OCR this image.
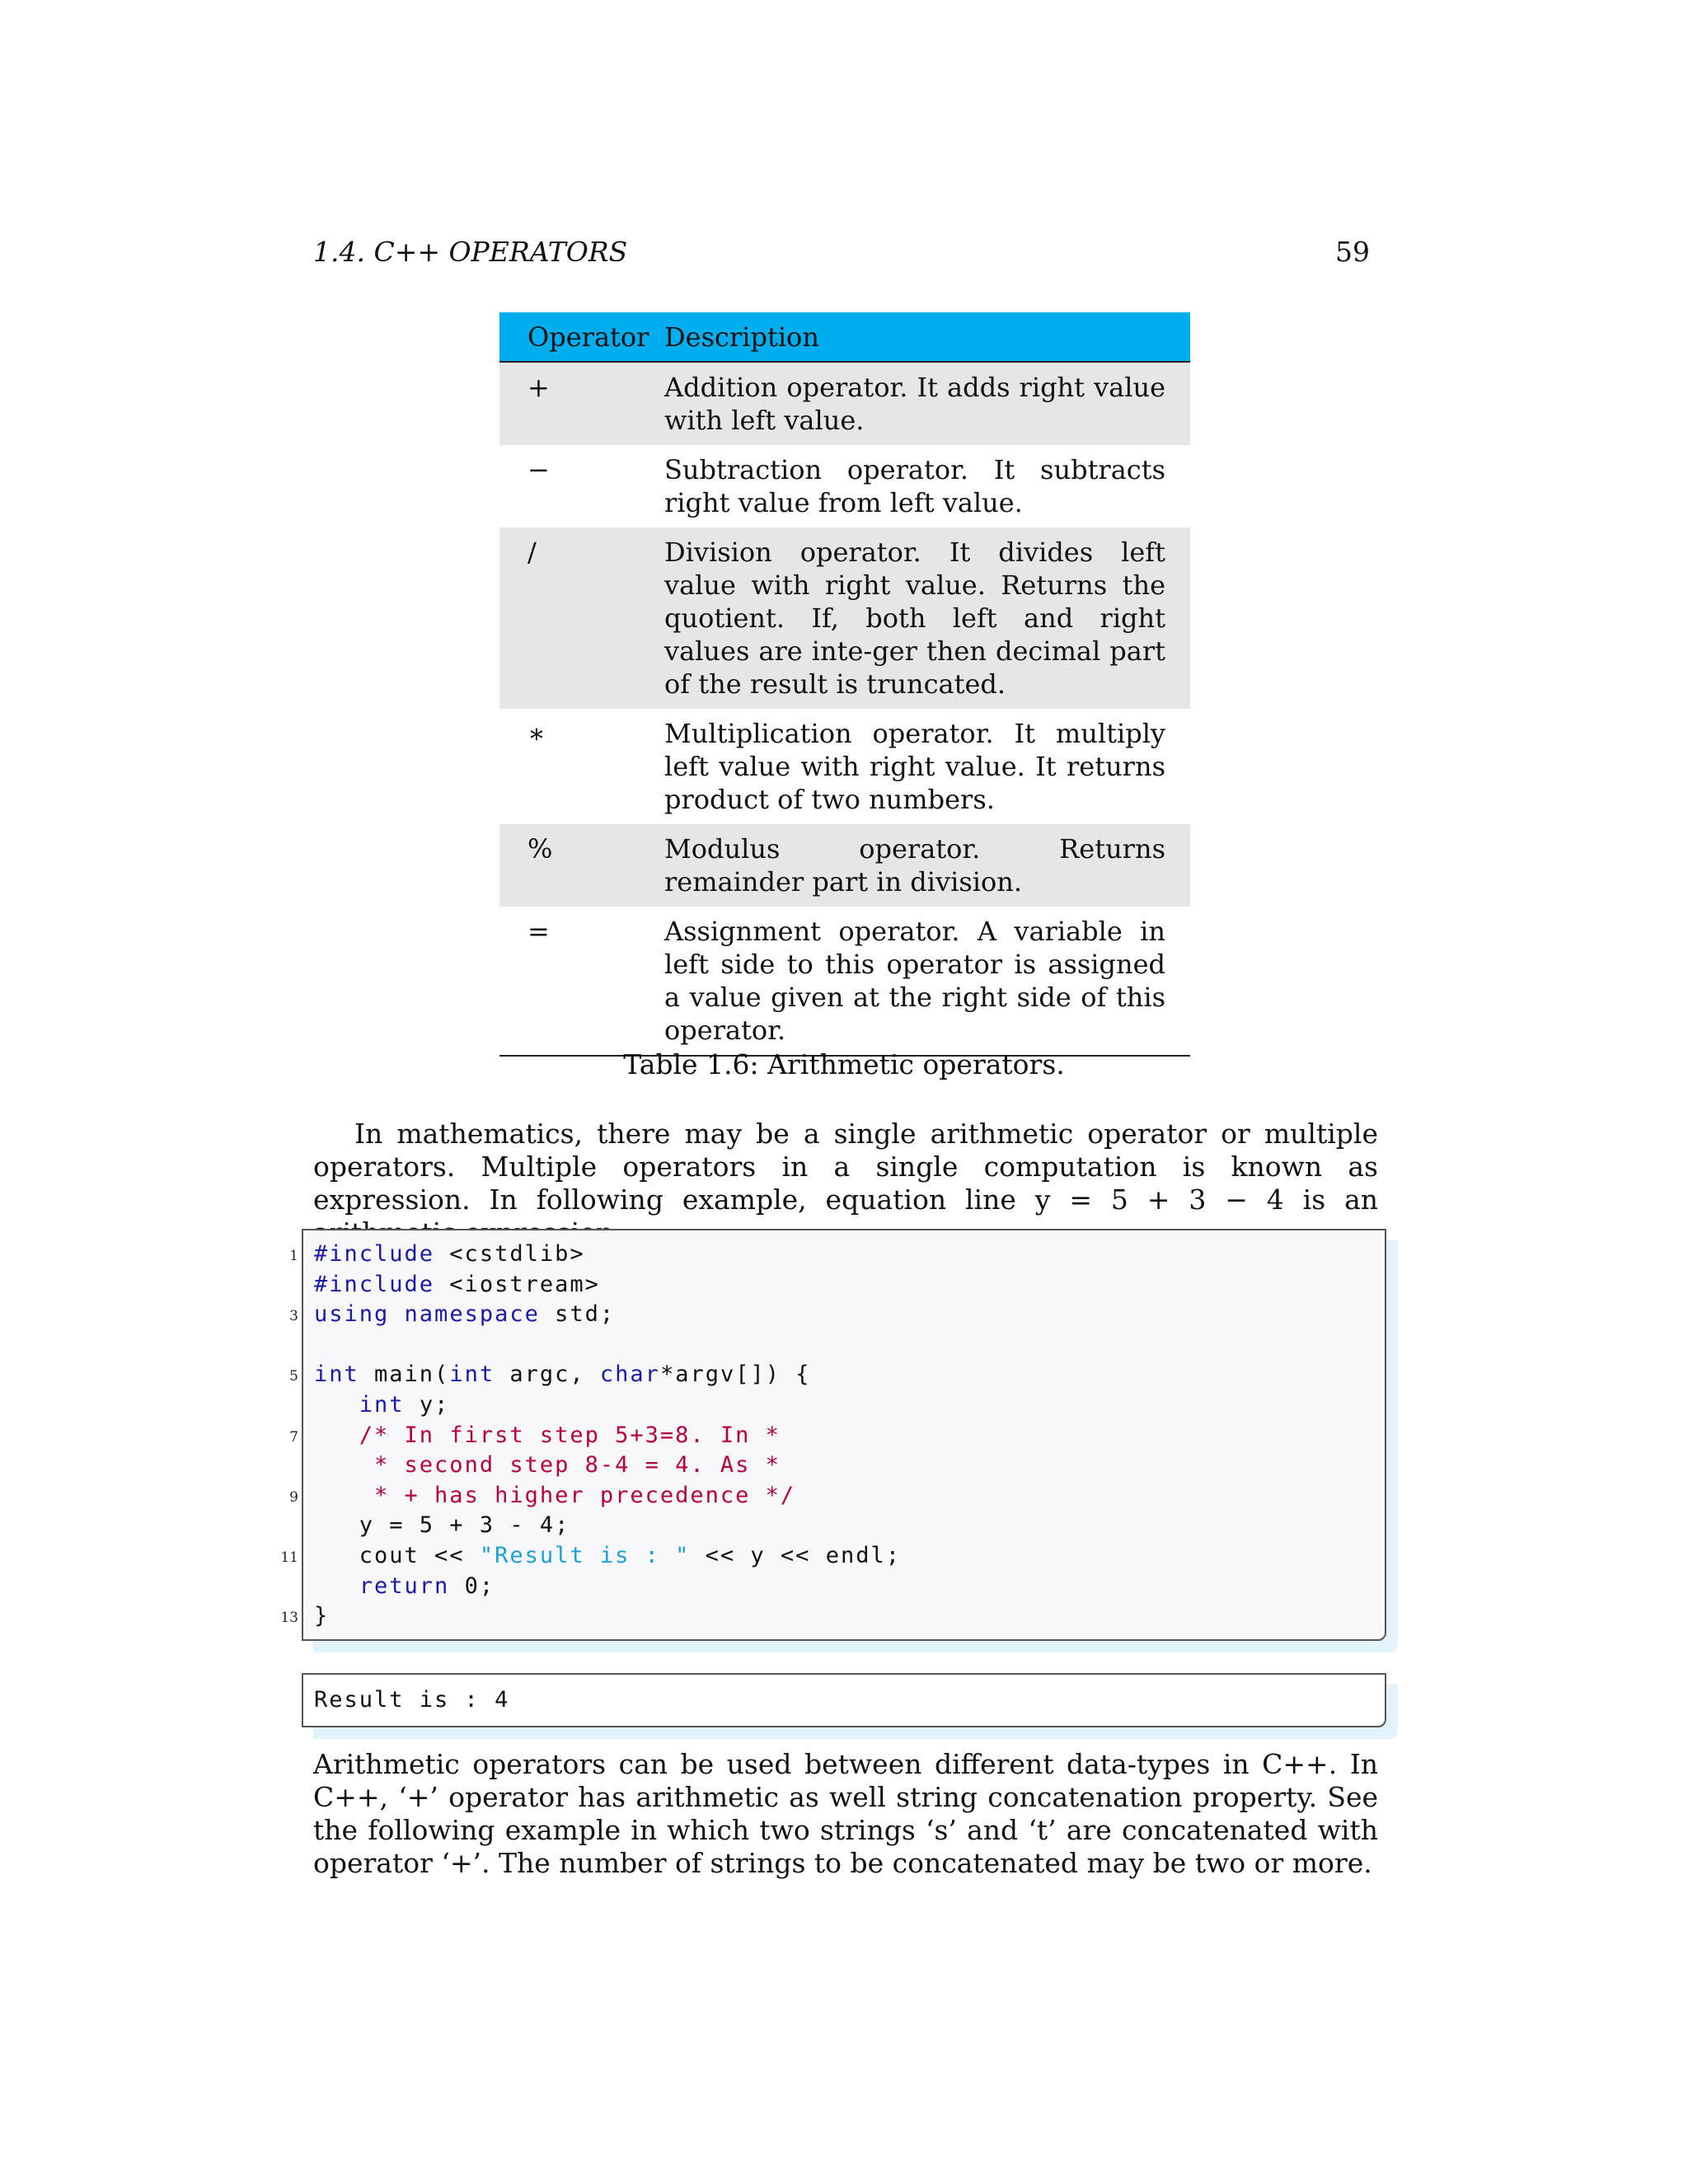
1.4. C++ OPERATORS	59
Operator	Description
+	Addition operator. It adds right value with left value.
−	Subtraction operator. It subtracts right value from left value.
/	Division operator. It divides left value with right value. Returns the quotient. If, both left and right values are inte-ger then decimal part of the result is truncated.
∗	Multiplication operator. It multiply left value with right value. It returns product of two numbers.
%	Modulus operator. Returns remainder part in division.
=	Assignment operator. A variable in left side to this operator is assigned a value given at the right side of this operator.
Table 1.6: Arithmetic operators.
In mathematics, there may be a single arithmetic operator or multiple operators. Multiple operators in a single computation is known as expression. In following example, equation line y = 5 + 3 − 4 is an
#include <cstdlib>
#include <iostream>
using namespace std;
int main(int argc, char*argv[]) {
int y;
/* In first step 5+3=8. In *
* second step 8-4 = 4. As *
* + has higher precedence */
y = 5 + 3 - 4;
cout << "Result is : " << y << endl;
return 0;
}
1
3
5
7
9
11
13
Result is : 4
Arithmetic operators can be used between different data-types in C++. In C++, ‘+’ operator has arithmetic as well string concatenation property. See the following example in which two strings ‘s’ and ‘t’ are concatenated with operator ‘+’. The number of strings to be concatenated may be two or more.
